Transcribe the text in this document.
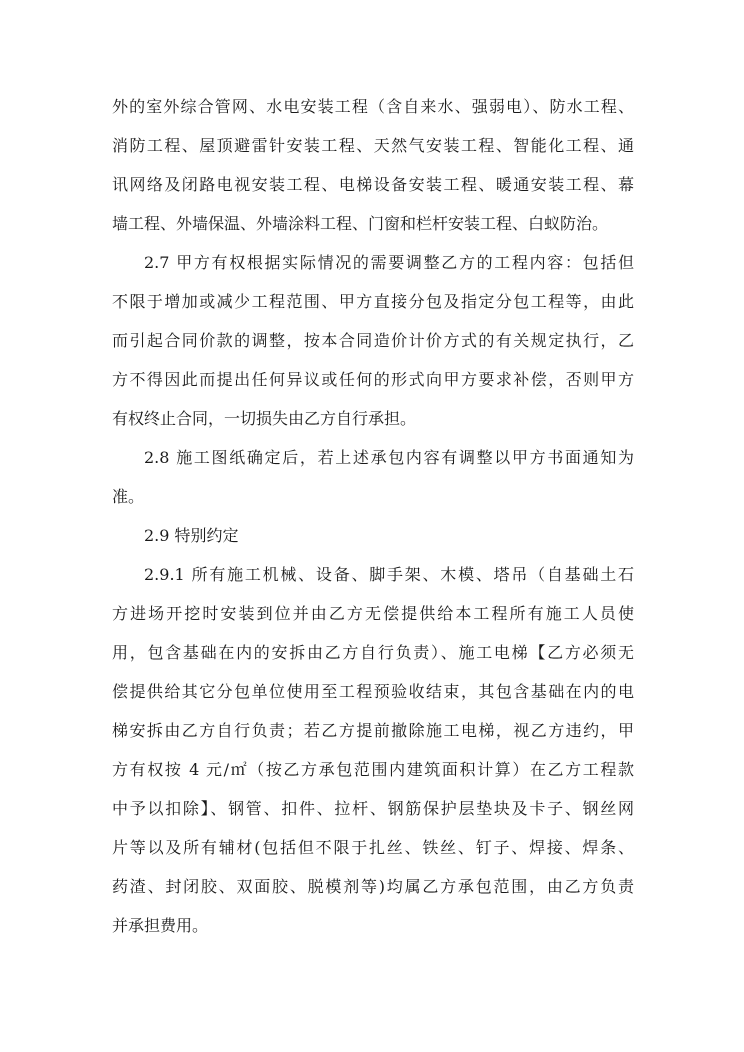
外的室外综合管网、水电安装工程（含自来水、强弱电）、防水工程、
消防工程、屋顶避雷针安装工程、天然气安装工程、智能化工程、通
讯网络及闭路电视安装工程、电梯设备安装工程、暖通安装工程、幕
墙工程、外墙保温、外墙涂料工程、门窗和栏杆安装工程、白蚁防治。
2.7 甲方有权根据实际情况的需要调整乙方的工程内容：包括但
不限于增加或减少工程范围、甲方直接分包及指定分包工程等，由此
而引起合同价款的调整，按本合同造价计价方式的有关规定执行，乙
方不得因此而提出任何异议或任何的形式向甲方要求补偿，否则甲方
有权终止合同，一切损失由乙方自行承担。
2.8 施工图纸确定后，若上述承包内容有调整以甲方书面通知为
准。
2.9 特别约定
2.9.1 所有施工机械、设备、脚手架、木模、塔吊（自基础土石
方进场开挖时安装到位并由乙方无偿提供给本工程所有施工人员使
用，包含基础在内的安拆由乙方自行负责）、施工电梯【乙方必须无
偿提供给其它分包单位使用至工程预验收结束，其包含基础在内的电
梯安拆由乙方自行负责；若乙方提前撤除施工电梯，视乙方违约，甲
方有权按 4 元/㎡（按乙方承包范围内建筑面积计算）在乙方工程款
中予以扣除】、钢管、扣件、拉杆、钢筋保护层垫块及卡子、钢丝网
片等以及所有辅材(包括但不限于扎丝、铁丝、钉子、焊接、焊条、
药渣、封闭胶、双面胶、脱模剂等)均属乙方承包范围，由乙方负责
并承担费用。
